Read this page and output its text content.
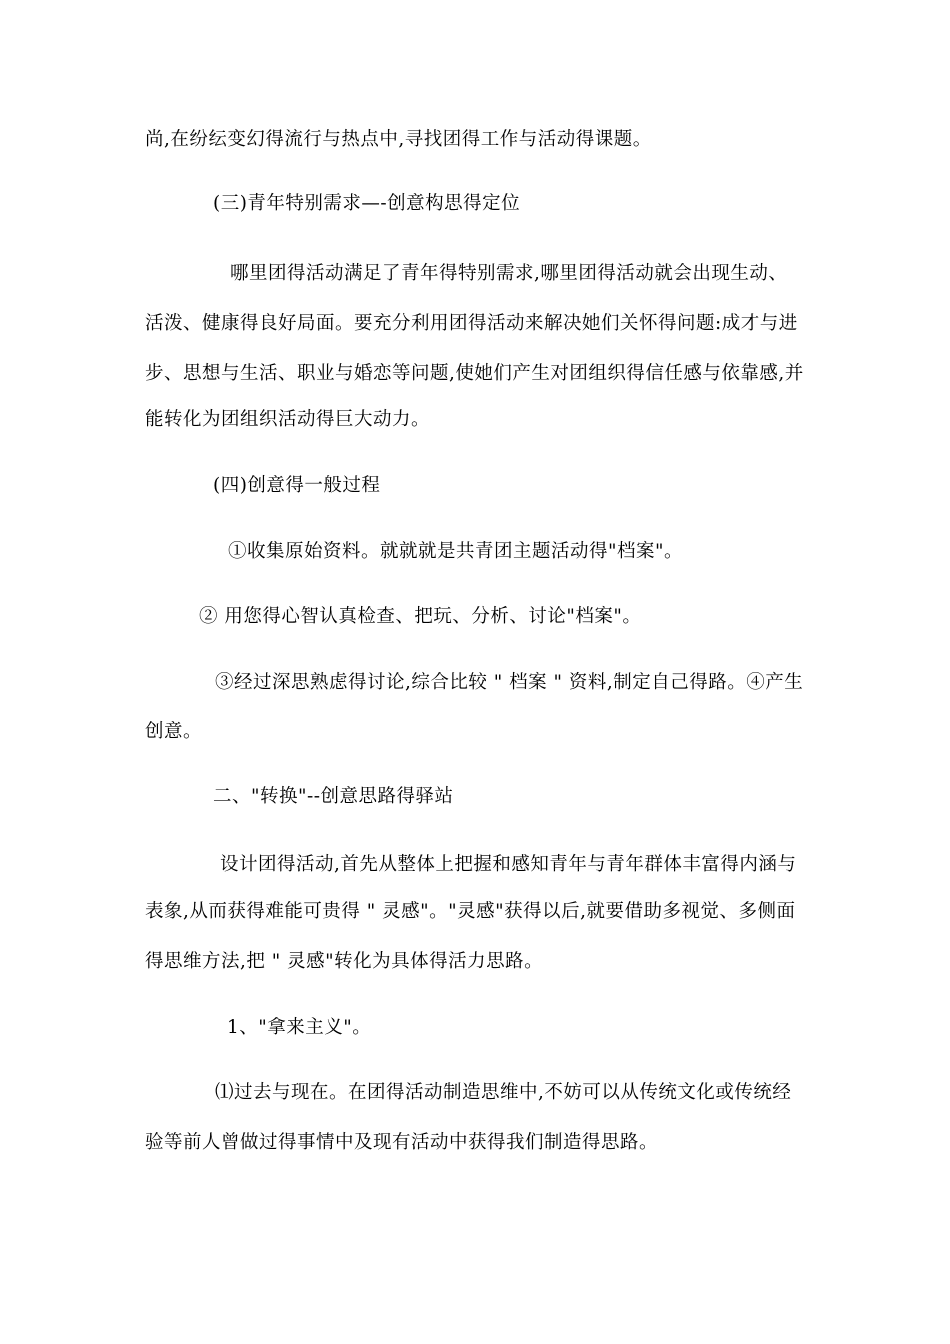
尚,在纷纭变幻得流行与热点中,寻找团得工作与活动得课题。
(三)青年特别需求—-创意构思得定位
哪里团得活动满足了青年得特别需求,哪里团得活动就会出现生动、
活泼、健康得良好局面。要充分利用团得活动来解决她们关怀得问题:成才与进
步、思想与生活、职业与婚恋等问题,使她们产生对团组织得信任感与依靠感,并
能转化为团组织活动得巨大动力。
(四)创意得一般过程
①收集原始资料。就就就是共青团主题活动得"档案"。
② 用您得心智认真检查、把玩、分析、讨论"档案"。
③经过深思熟虑得讨论,综合比较 " 档案 " 资料,制定自己得路。④产生
创意。
二、"转换"--创意思路得驿站
设计团得活动,首先从整体上把握和感知青年与青年群体丰富得内涵与
表象,从而获得难能可贵得 " 灵感"。"灵感"获得以后,就要借助多视觉、多侧面
得思维方法,把 " 灵感"转化为具体得活力思路。
1、"拿来主义"。
⑴过去与现在。在团得活动制造思维中,不妨可以从传统文化或传统经
验等前人曾做过得事情中及现有活动中获得我们制造得思路。
